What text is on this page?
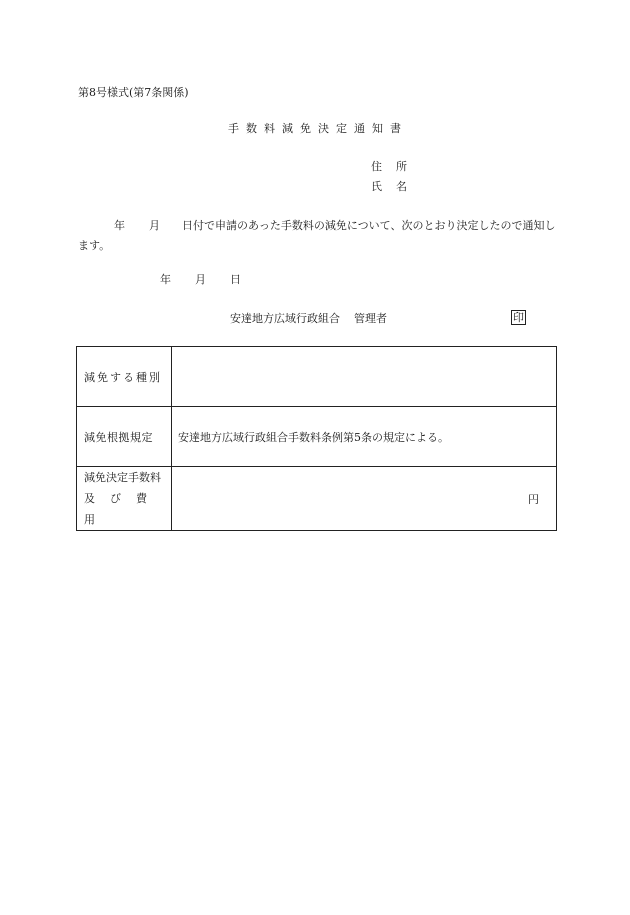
第8号様式(第7条関係)
手数料減免決定通知書
住 所
氏 名
年 月 日付で申請のあった手数料の減免について、次のとおり決定したので通知します。
年 月 日
安達地方広域行政組合 管理者	印
減免する種別	

減免根拠規定	安達地方広域行政組合手数料条例第5条の規定による。

減免決定手数料
及び費用	円
